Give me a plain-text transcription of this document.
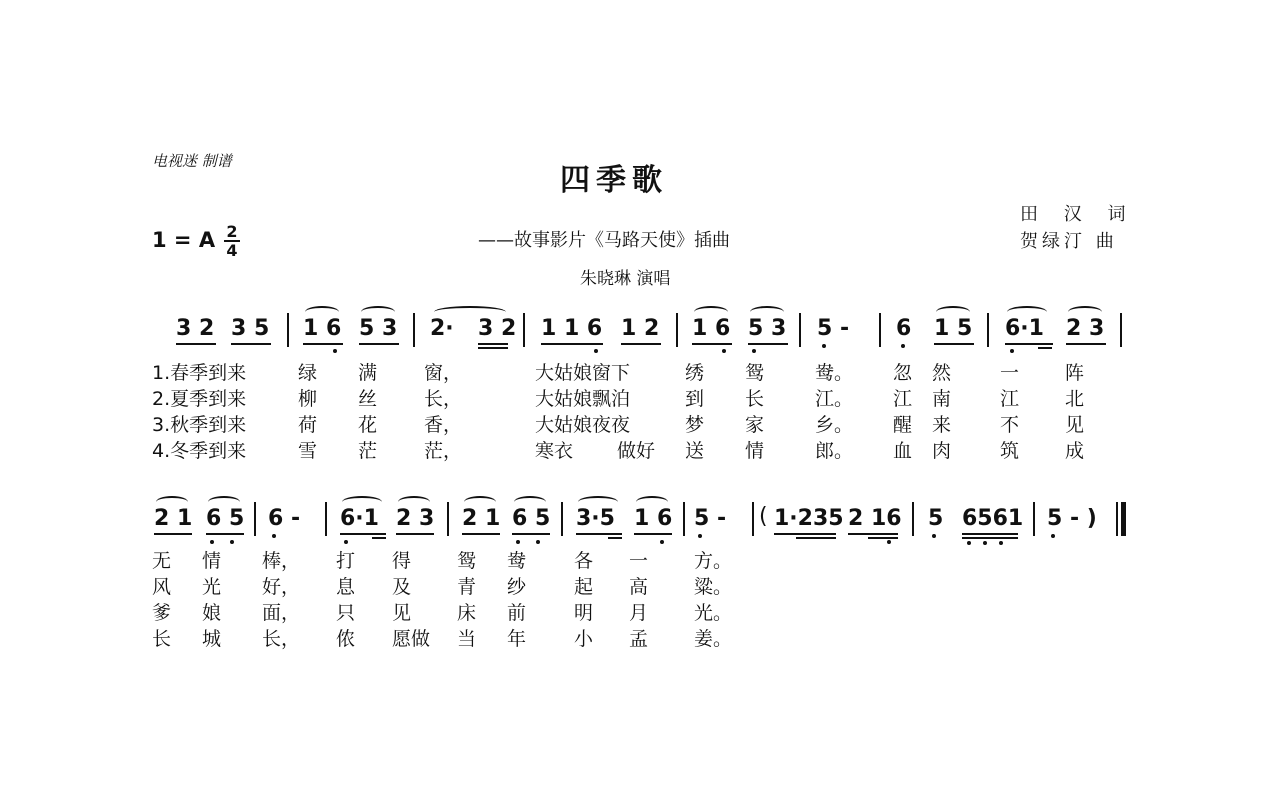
电视迷 制谱
四季歌
田 汉 词
贺绿汀 曲
——故事影片《马路天使》插曲
朱晓琳 演唱
1 = A 2
4
3 2 3 5 1 6 5 3 2· 3 2 1 1 6 1 2 1 6 5 3 5 - 6 1 5 6·1 2 3
1.春季到来	绿 满 窗，	大姑娘窗下	绣 鸳	鸯。 忽 然	一 阵
2.夏季到来	柳 丝 长，	大姑娘飘泊	到 长	江。 江 南	江 北
3.秋季到来	荷 花 香，	大姑娘夜夜	梦 家	乡。 醒 来	不 见
4.冬季到来	雪 茫 茫，	寒衣 做好 送 情	郎。 血 肉	筑 成
2 1 6 5 6 - 6·1 2 3 2 1 6 5 3·5 1 6 5 - ( 1·235 2 16 5 6561 5 - )
无 情 棒， 打 得 鸳 鸯	各 一 方。
风 光 好， 息 及 青 纱	起 高 粱。
爹 娘 面， 只 见 床 前	明 月 光。
长 城 长， 侬 愿做 当 年	小 孟 姜。
